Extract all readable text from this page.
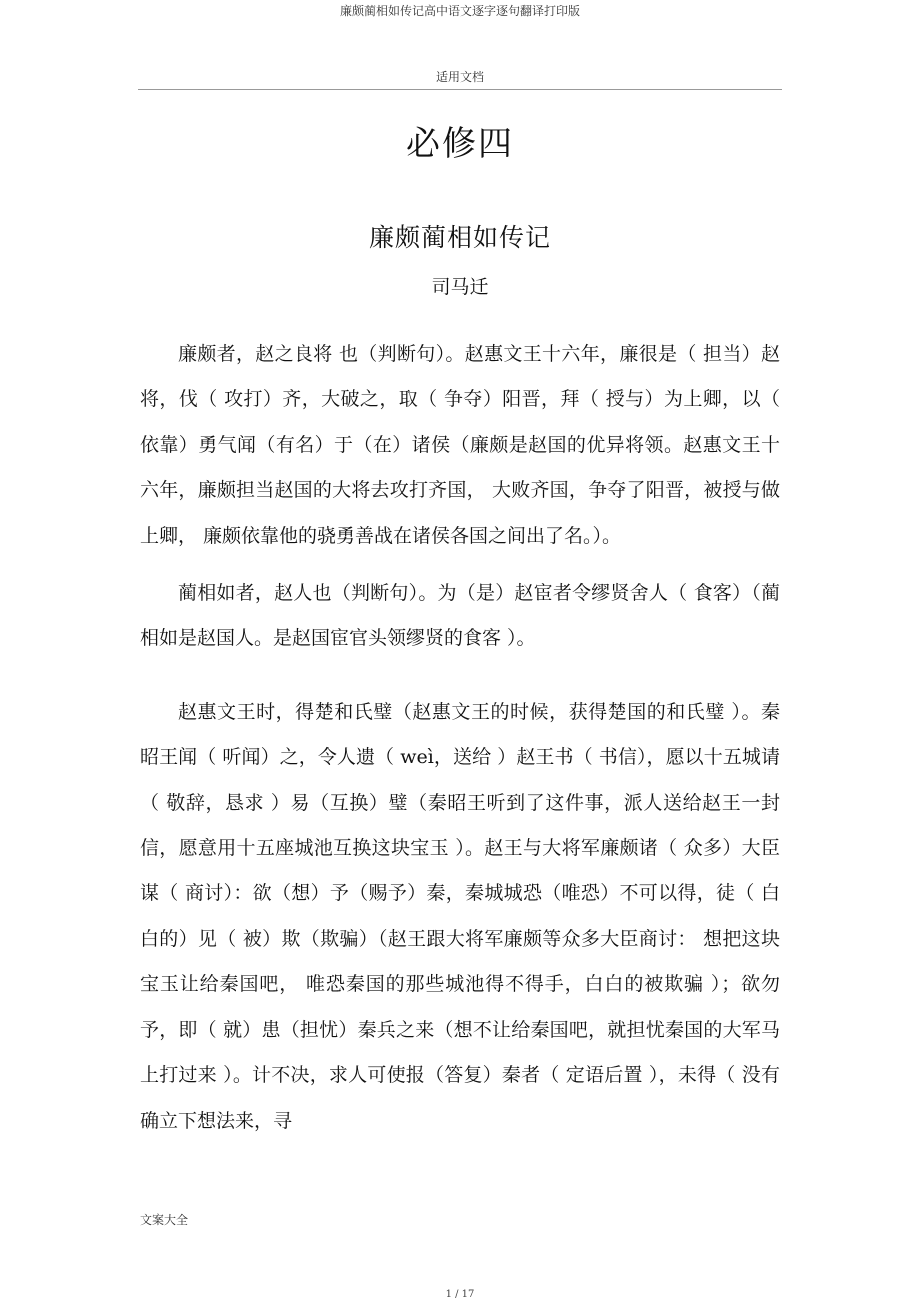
廉颇蔺相如传记高中语文逐字逐句翻译打印版
适用文档
必修四
廉颇蔺相如传记
司马迁

廉颇者，赵之良将 也（判断句）。赵惠文王十六年，廉很是（ 担当）赵将，伐（ 攻打）齐，大破之，取（ 争夺）阳晋，拜（ 授与）为上卿，以（ 依靠）勇气闻（有名）于（在）诸侯（廉颇是赵国的优异将领。赵惠文王十六年，廉颇担当赵国的大将去攻打齐国， 大败齐国，争夺了阳晋，被授与做上卿， 廉颇依靠他的骁勇善战在诸侯各国之间出了名。）。

蔺相如者，赵人也（判断句）。为（是）赵宦者令缪贤舍人（ 食客）（蔺相如是赵国人。是赵国宦官头领缪贤的食客 ）。

赵惠文王时，得楚和氏璧（赵惠文王的时候，获得楚国的和氏璧 ）。秦昭王闻（ 听闻）之，令人遗（ weì，送给 ）赵王书（ 书信），愿以十五城请（ 敬辞，恳求 ）易（互换）璧（秦昭王听到了这件事，派人送给赵王一封信，愿意用十五座城池互换这块宝玉 ）。赵王与大将军廉颇诸（ 众多）大臣谋（ 商讨）：欲（想）予（赐予）秦，秦城城恐（唯恐）不可以得，徒（ 白白的）见（ 被）欺（欺骗）（赵王跟大将军廉颇等众多大臣商讨： 想把这块宝玉让给秦国吧， 唯恐秦国的那些城池得不得手，白白的被欺骗 ）；欲勿予，即（ 就）患（担忧）秦兵之来（想不让给秦国吧，就担忧秦国的大军马上打过来 ）。计不决，求人可使报（答复）秦者（ 定语后置 ），未得（ 没有确立下想法来，寻

文案大全
1 / 17
